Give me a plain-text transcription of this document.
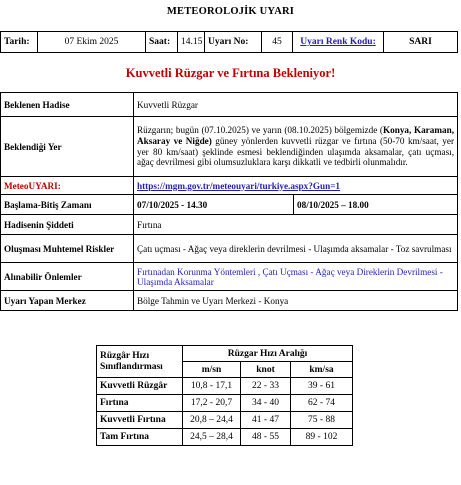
METEOROLOJİK UYARI
Tarih:	07 Ekim 2025	Saat:	14.15	Uyarı No:	45	Uyarı Renk Kodu:	SARI
Kuvvetli Rüzgar ve Fırtına Bekleniyor!
Beklenen Hadise	Kuvvetli Rüzgar	
Beklendiği Yer	Rüzgarın; bugün (07.10.2025) ve yarın (08.10.2025) bölgemizde (Konya, Karaman, Aksaray ve Niğde) güney yönlerden kuvvetli rüzgar ve fırtına (50-70 km/saat, yer yer 80 km/saat) şeklinde esmesi beklendiğinden ulaşımda aksamalar, çatı uçması, ağaç devrilmesi gibi olumsuzluklara karşı dikkatli ve tedbirli olunmalıdır.	
MeteoUYARI:	https://mgm.gov.tr/meteouyari/turkiye.aspx?Gun=1	
Başlama-Bitiş Zamanı	07/10/2025 - 14.30	08/10/2025 – 18.00
Hadisenin Şiddeti	Fırtına	
Oluşması Muhtemel Riskler	Çatı uçması - Ağaç veya direklerin devrilmesi - Ulaşımda aksamalar - Toz savrulması	
Alınabilir Önlemler	Fırtınadan Korunma Yöntemleri , Çatı Uçması - Ağaç veya Direklerin Devrilmesi - Ulaşımda Aksamalar	
Uyarı Yapan Merkez	Bölge Tahmin ve Uyarı Merkezi - Konya	
Rüzgâr Hızı Sınıflandırması	Rüzgar Hızı Aralığı		
	m/sn	knot	km/sa
Kuvvetli Rüzgâr	10,8 - 17,1	22 - 33	39 - 61
Fırtına	17,2 - 20,7	34 - 40	62 - 74
Kuvvetli Fırtına	20,8 – 24,4	41 - 47	75 - 88
Tam Fırtına	24,5 – 28,4	48 - 55	89 - 102
